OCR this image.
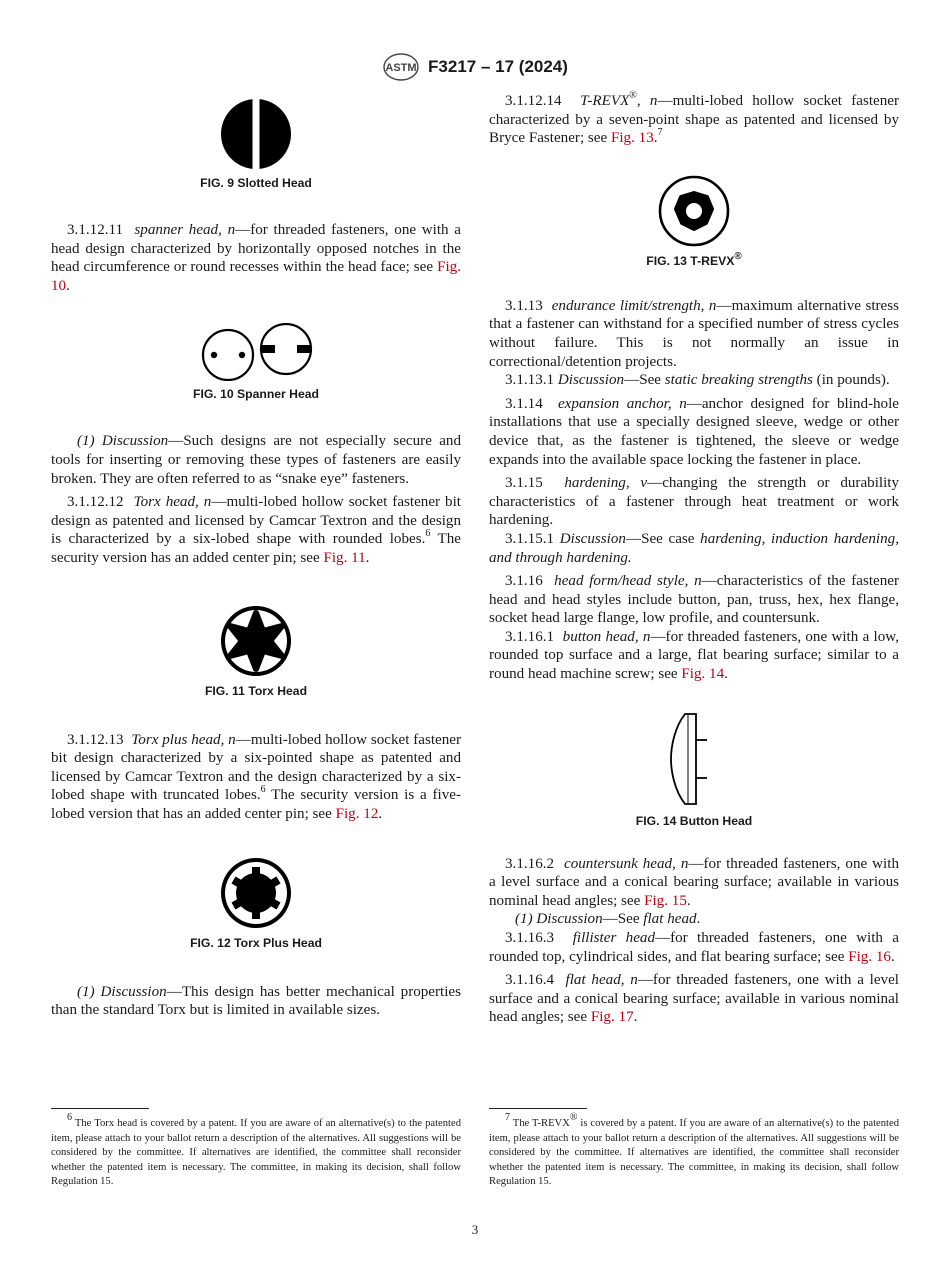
ASTM F3217 – 17 (2024)
FIG. 9 Slotted Head

3.1.12.11 spanner head, n—for threaded fasteners, one with a head design characterized by horizontally opposed notches in the head circumference or round recesses within the head face; see Fig. 10.

FIG. 10 Spanner Head

(1) Discussion—Such designs are not especially secure and tools for inserting or removing these types of fasteners are easily broken. They are often referred to as “snake eye” fasteners.

3.1.12.12 Torx head, n—multi-lobed hollow socket fastener bit design as patented and licensed by Camcar Textron and the design is characterized by a six-lobed shape with rounded lobes.$^6$ The security version has an added center pin; see Fig. 11.

FIG. 11 Torx Head

3.1.12.13 Torx plus head, n—multi-lobed hollow socket fastener bit design characterized by a six-pointed shape as patented and licensed by Camcar Textron and the design characterized by a six-lobed shape with truncated lobes.$^6$ The security version is a five-lobed version that has an added center pin; see Fig. 12.

FIG. 12 Torx Plus Head

(1) Discussion—This design has better mechanical properties than the standard Torx but is limited in available sizes.

3.1.12.14 T-REVX®, n—multi-lobed hollow socket fastener characterized by a seven-point shape as patented and licensed by Bryce Fastener; see Fig. 13.$^7$

FIG. 13 T-REVX®

3.1.13 endurance limit/strength, n—maximum alternative stress that a fastener can withstand for a specified number of stress cycles without failure. This is not normally an issue in correctional/detention projects.

3.1.13.1 Discussion—See static breaking strengths (in pounds).

3.1.14 expansion anchor, n—anchor designed for blind-hole installations that use a specially designed sleeve, wedge or other device that, as the fastener is tightened, the sleeve or wedge expands into the available space locking the fastener in place.

3.1.15 hardening, v—changing the strength or durability characteristics of a fastener through heat treatment or work hardening.

3.1.15.1 Discussion—See case hardening, induction hardening, and through hardening.

3.1.16 head form/head style, n—characteristics of the fastener head and head styles include button, pan, truss, hex, hex flange, socket head large flange, low profile, and countersunk.

3.1.16.1 button head, n—for threaded fasteners, one with a low, rounded top surface and a large, flat bearing surface; similar to a round head machine screw; see Fig. 14.

FIG. 14 Button Head

3.1.16.2 countersunk head, n—for threaded fasteners, one with a level surface and a conical bearing surface; available in various nominal head angles; see Fig. 15.

(1) Discussion—See flat head.

3.1.16.3 fillister head—for threaded fasteners, one with a rounded top, cylindrical sides, and flat bearing surface; see Fig. 16.

3.1.16.4 flat head, n—for threaded fasteners, one with a level surface and a conical bearing surface; available in various nominal head angles; see Fig. 17.

$^6$ The Torx head is covered by a patent. If you are aware of an alternative(s) to the patented item, please attach to your ballot return a description of the alternatives. All suggestions will be considered by the committee. If alternatives are identified, the committee shall reconsider whether the patented item is necessary. The committee, in making its decision, shall follow Regulation 15.

$^7$ The T-REVX® is covered by a patent. If you are aware of an alternative(s) to the patented item, please attach to your ballot return a description of the alternatives. All suggestions will be considered by the committee. If alternatives are identified, the committee shall reconsider whether the patented item is necessary. The committee, in making its decision, shall follow Regulation 15.

3
